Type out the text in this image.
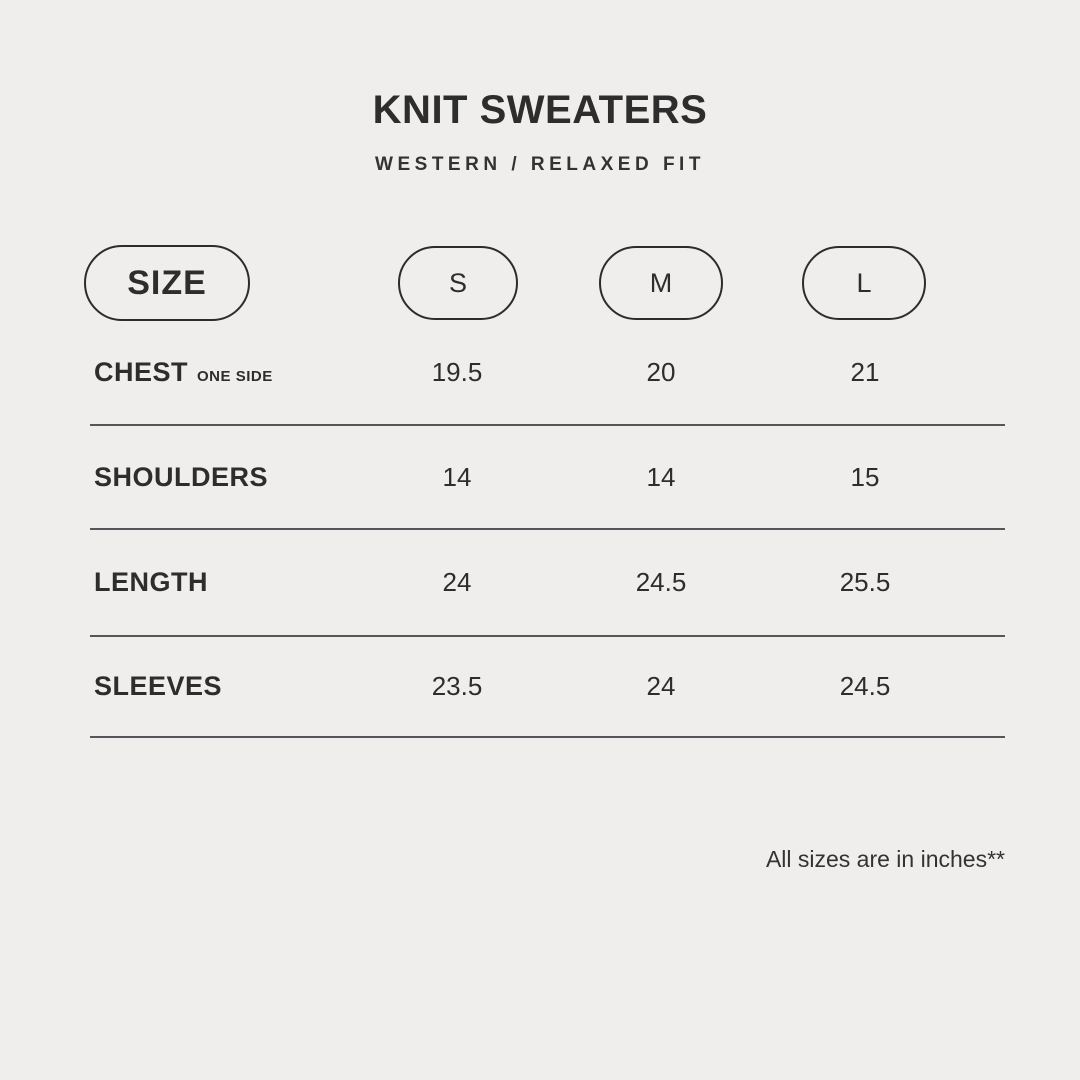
KNIT SWEATERS
WESTERN / RELAXED FIT
SIZE	S	M	L
CHEST ONE SIDE	19.5	20	21
SHOULDERS	14	14	15
LENGTH	24	24.5	25.5
SLEEVES	23.5	24	24.5
All sizes are in inches**
